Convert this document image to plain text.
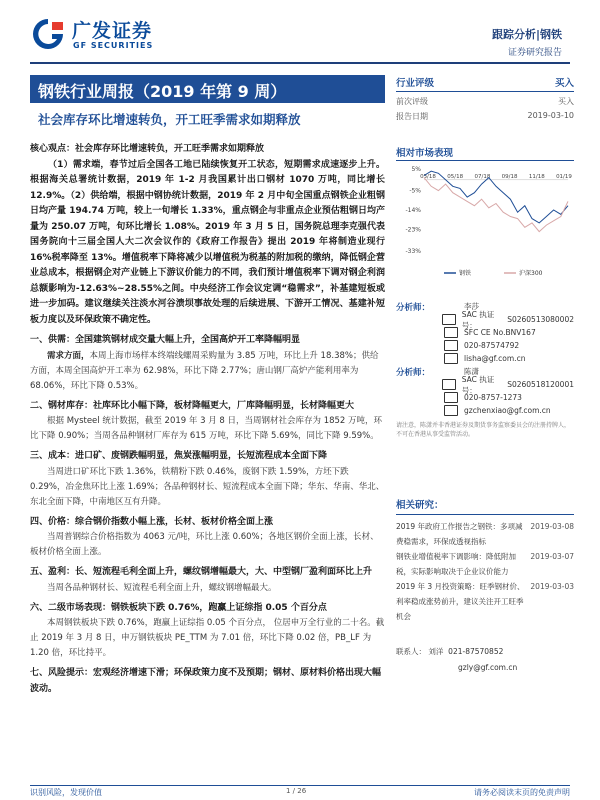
广发证券
GF SECURITIES
跟踪分析|钢铁
证券研究报告
钢铁行业周报（2019 年第 9 周）
社会库存环比增速转负，开工旺季需求如期释放
核心观点：社会库存环比增速转负，开工旺季需求如期释放
（1）需求端，春节过后全国各工地已陆续恢复开工状态，短期需求成速逐步上升。根据海关总署统计数据，2019 年 1-2 月我国累计出口钢材 1070 万吨，同比增长 12.9%。（2）供给端，根据中钢协统计数据，2019 年 2 月中旬全国重点钢铁企业粗钢日均产量 194.74 万吨，较上一旬增长 1.33%，重点钢企与非重点企业预估粗钢日均产量为 250.07 万吨，旬环比增长 1.08%。2019 年 3 月 5 日，国务院总理李克强代表国务院向十三届全国人大二次会议作的《政府工作报告》提出 2019 年将制造业现行 16%税率降至 13%。增值税率下降将减少以增值税为税基的附加税的缴纳，降低钢企营业总成本，根据钢企对产业链上下游议价能力的不同，我们预计增值税率下调对钢企利润总额影响为-12.63%~28.55%之间。中央经济工作会议定调“稳需求”，补基建短板或进一步加码。建议继续关注淡水河谷溃坝事故处理的后续进展、下游开工情况、基建补短板力度以及环保政策不确定性。
一、供需：全国建筑钢材成交量大幅上升，全国高炉开工率降幅明显
需求方面，本周上海市场样本终端线螺周采购量为 3.85 万吨，环比上升 18.38%；供给方面，本周全国高炉开工率为 62.98%，环比下降 2.77%；唐山钢厂高炉产能利用率为 68.06%，环比下降 0.53%。
二、钢材库存：社库环比小幅下降，板材降幅更大，厂库降幅明显，长材降幅更大
根据 Mysteel 统计数据，截至 2019 年 3 月 8 日，当周钢材社会库存为 1852 万吨，环比下降 0.90%；当周各品种钢材厂库存为 615 万吨，环比下降 5.69%，同比下降 9.59%。
三、成本：进口矿、废钢跌幅明显，焦炭涨幅明显，长短流程成本全面下降
当周进口矿环比下跌 1.36%，铁精粉下跌 0.46%，废钢下跌 1.59%，方坯下跌 0.29%，冶金焦环比上涨 1.69%；各品种钢材长、短流程成本全面下降；华东、华南、华北、东北全面下降，中南地区互有升降。
四、价格：综合钢价指数小幅上涨，长材、板材价格全面上涨
当周普钢综合价格指数为 4063 元/吨，环比上涨 0.60%；各地区钢价全面上涨，长材、板材价格全面上涨。
五、盈利：长、短流程毛利全面上升，螺纹钢增幅最大，大、中型钢厂盈利面环比上升
当周各品种钢材长、短流程毛利全面上升，螺纹钢增幅最大。
六、二级市场表现：钢铁板块下跌 0.76%，跑赢上证综指 0.05 个百分点
本周钢铁板块下跌 0.76%，跑赢上证综指 0.05 个百分点， 位居申万全行业的二十名。截止 2019 年 3 月 8 日，申万钢铁板块 PE_TTM 为 7.01 倍，环比下降 0.02 倍，PB_LF 为 1.20 倍，环比持平。
七、风险提示：宏观经济增速下滑；环保政策力度不及预期；钢材、原材料价格出现大幅波动。
行业评级	买入
前次评级	买入
报告日期	2019-03-10
相对市场表现
5%
-5%
-14%
-23%
-33%
03/18 05/18 07/18 09/18 11/18 01/19
钢铁	沪深300
分析师：	李莎
SAC 执证号：
S0260513080002
SFC CE No. BNV167
020-87574792
lisha@gf.com.cn
分析师：	陈潇
SAC 执证号：
S0260518120001
020-8757-1273
gzchenxiao@gf.com.cn
请注意，陈潇并非香港证券及期货事务监察委员会的注册持牌人，不可在香港从事受监管活动。
相关研究：
2019 年政府工作报告之钢铁：多项减费稳需求，环保成透视指标
2019-03-08
钢铁业增值税率下调影响：降低附加税，实际影响取决于企业议价能力
2019-03-07
2019 年 3 月投资策略：旺季钢材价、利率稳成涨势前升，建议关注开工旺季机会
2019-03-03
联系人： 刘洋 021-87570852
gzly@gf.com.cn
识别风险，发现价值	1 / 26	请务必阅读末页的免责声明
